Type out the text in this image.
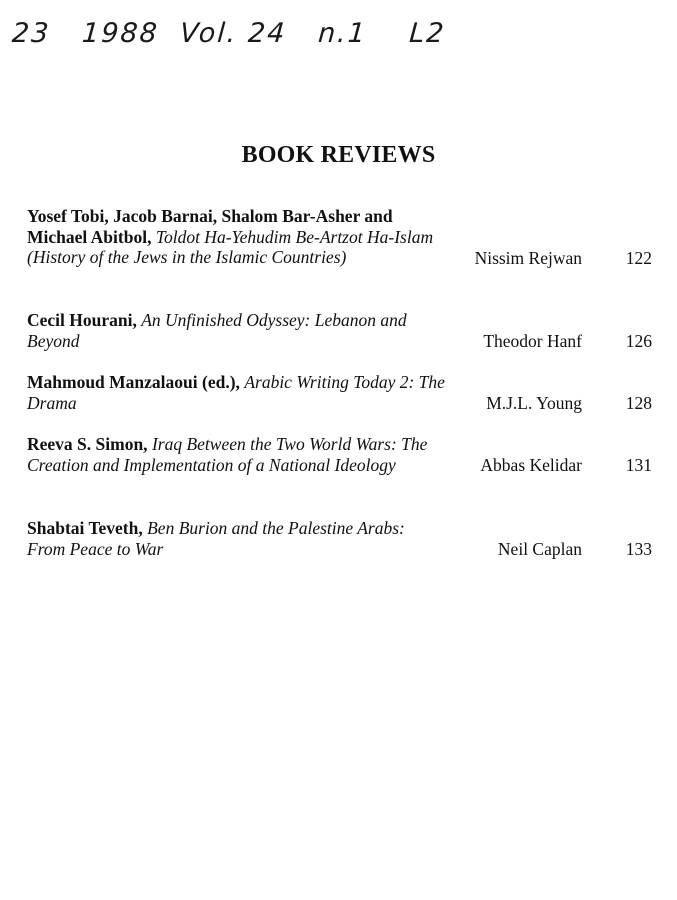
23   1988  Vol. 24   n.1    L2
BOOK REVIEWS
Yosef Tobi, Jacob Barnai, Shalom Bar-Asher and Michael Abitbol, Toldot Ha-Yehudim Be-Artzot Ha-Islam (History of the Jews in the Islamic Countries)	Nissim Rejwan	122
Cecil Hourani, An Unfinished Odyssey: Lebanon and Beyond	Theodor Hanf	126
Mahmoud Manzalaoui (ed.), Arabic Writing Today 2: The Drama	M.J.L. Young	128
Reeva S. Simon, Iraq Between the Two World Wars: The Creation and Implementation of a National Ideology	Abbas Kelidar	131
Shabtai Teveth, Ben Burion and the Palestine Arabs: From Peace to War	Neil Caplan	133
